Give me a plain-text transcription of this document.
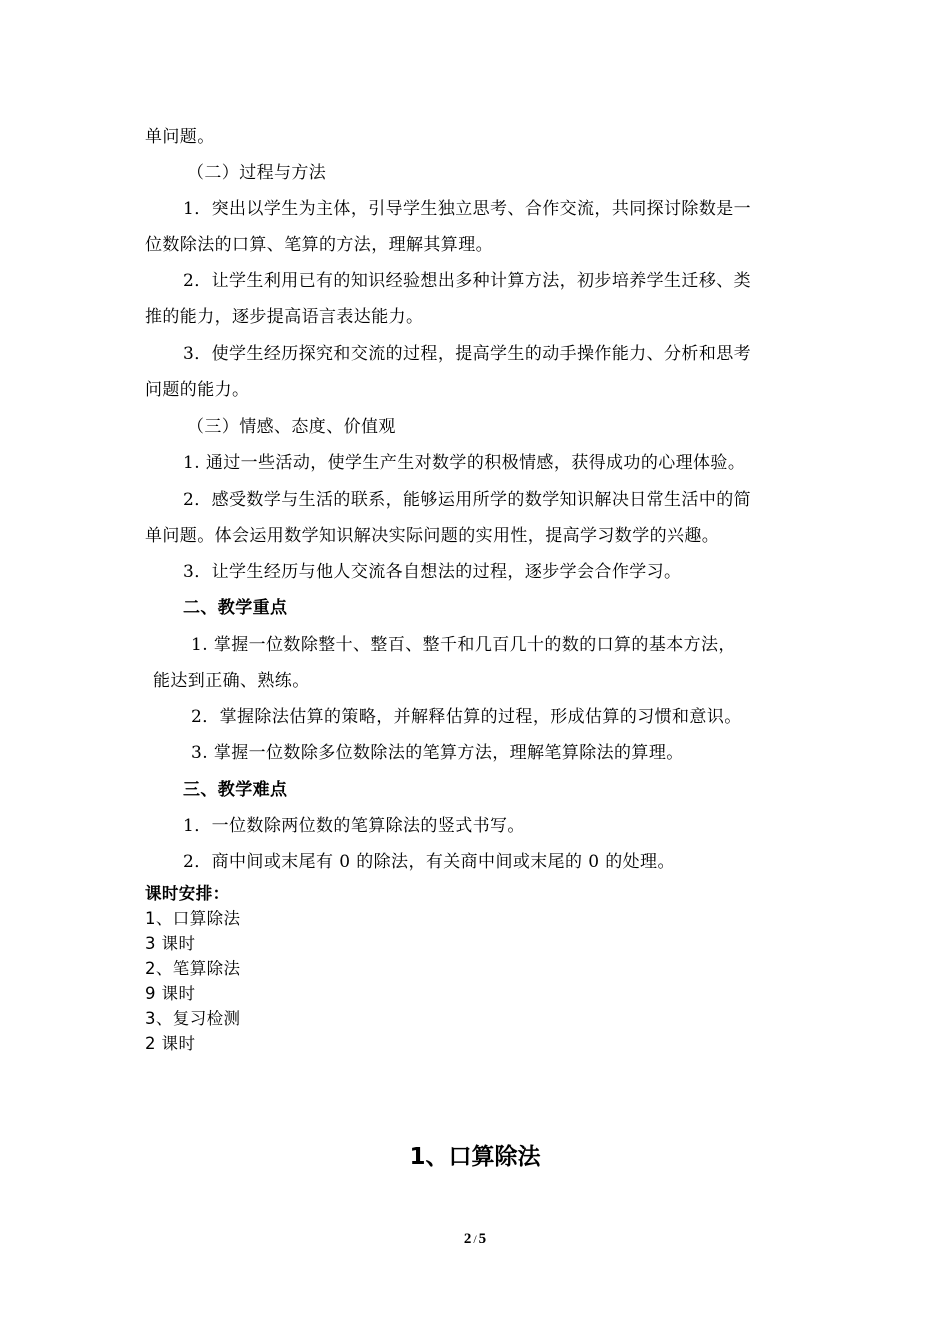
单问题。
（二）过程与方法
1．突出以学生为主体，引导学生独立思考、合作交流，共同探讨除数是一
位数除法的口算、笔算的方法，理解其算理。
2．让学生利用已有的知识经验想出多种计算方法，初步培养学生迁移、类
推的能力，逐步提高语言表达能力。
3．使学生经历探究和交流的过程，提高学生的动手操作能力、分析和思考
问题的能力。
（三）情感、态度、价值观
1. 通过一些活动，使学生产生对数学的积极情感，获得成功的心理体验。
2．感受数学与生活的联系，能够运用所学的数学知识解决日常生活中的简
单问题。体会运用数学知识解决实际问题的实用性，提高学习数学的兴趣。
3．让学生经历与他人交流各自想法的过程，逐步学会合作学习。
二、教学重点
1. 掌握一位数除整十、整百、整千和几百几十的数的口算的基本方法，
能达到正确、熟练。
2．掌握除法估算的策略，并解释估算的过程，形成估算的习惯和意识。
3. 掌握一位数除多位数除法的笔算方法，理解笔算除法的算理。
三、教学难点
1．一位数除两位数的笔算除法的竖式书写。
2．商中间或末尾有 0 的除法，有关商中间或末尾的 0 的处理。
课时安排：
1、口算除法
3 课时
2、笔算除法
9 课时
3、复习检测
2 课时
1、口算除法
2 / 5
